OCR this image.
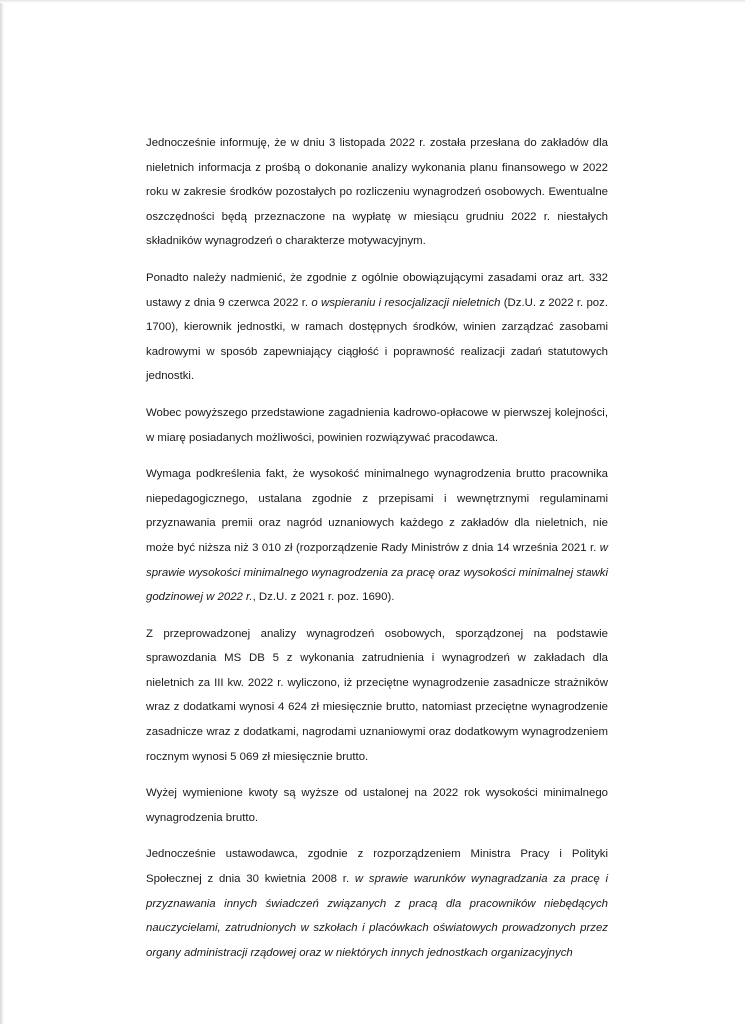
Jednocześnie informuję, że w dniu 3 listopada 2022 r. została przesłana do zakładów dla nieletnich informacja z prośbą o dokonanie analizy wykonania planu finansowego w 2022 roku w zakresie środków pozostałych po rozliczeniu wynagrodzeń osobowych. Ewentualne oszczędności będą przeznaczone na wypłatę w miesiącu grudniu 2022 r. niestałych składników wynagrodzeń o charakterze motywacyjnym.

Ponadto należy nadmienić, że zgodnie z ogólnie obowiązującymi zasadami oraz art. 332 ustawy z dnia 9 czerwca 2022 r. o wspieraniu i resocjalizacji nieletnich (Dz.U. z 2022 r. poz. 1700), kierownik jednostki, w ramach dostępnych środków, winien zarządzać zasobami kadrowymi w sposób zapewniający ciągłość i poprawność realizacji zadań statutowych jednostki.

Wobec powyższego przedstawione zagadnienia kadrowo-opłacowe w pierwszej kolejności, w miarę posiadanych możliwości, powinien rozwiązywać pracodawca.

Wymaga podkreślenia fakt, że wysokość minimalnego wynagrodzenia brutto pracownika niepedagogicznego, ustalana zgodnie z przepisami i wewnętrznymi regulaminami przyznawania premii oraz nagród uznaniowych każdego z zakładów dla nieletnich, nie może być niższa niż 3 010 zł (rozporządzenie Rady Ministrów z dnia 14 września 2021 r. w sprawie wysokości minimalnego wynagrodzenia za pracę oraz wysokości minimalnej stawki godzinowej w 2022 r., Dz.U. z 2021 r. poz. 1690).

Z przeprowadzonej analizy wynagrodzeń osobowych, sporządzonej na podstawie sprawozdania MS DB 5 z wykonania zatrudnienia i wynagrodzeń w zakładach dla nieletnich za III kw. 2022 r. wyliczono, iż przeciętne wynagrodzenie zasadnicze strażników wraz z dodatkami wynosi 4 624 zł miesięcznie brutto, natomiast przeciętne wynagrodzenie zasadnicze wraz z dodatkami, nagrodami uznaniowymi oraz dodatkowym wynagrodzeniem rocznym wynosi 5 069 zł miesięcznie brutto.

Wyżej wymienione kwoty są wyższe od ustalonej na 2022 rok wysokości minimalnego wynagrodzenia brutto.

Jednocześnie ustawodawca, zgodnie z rozporządzeniem Ministra Pracy i Polityki Społecznej z dnia 30 kwietnia 2008 r. w sprawie warunków wynagradzania za pracę i przyznawania innych świadczeń związanych z pracą dla pracowników niebędących nauczycielami, zatrudnionych w szkołach i placówkach oświatowych prowadzonych przez organy administracji rządowej oraz w niektórych innych jednostkach organizacyjnych
